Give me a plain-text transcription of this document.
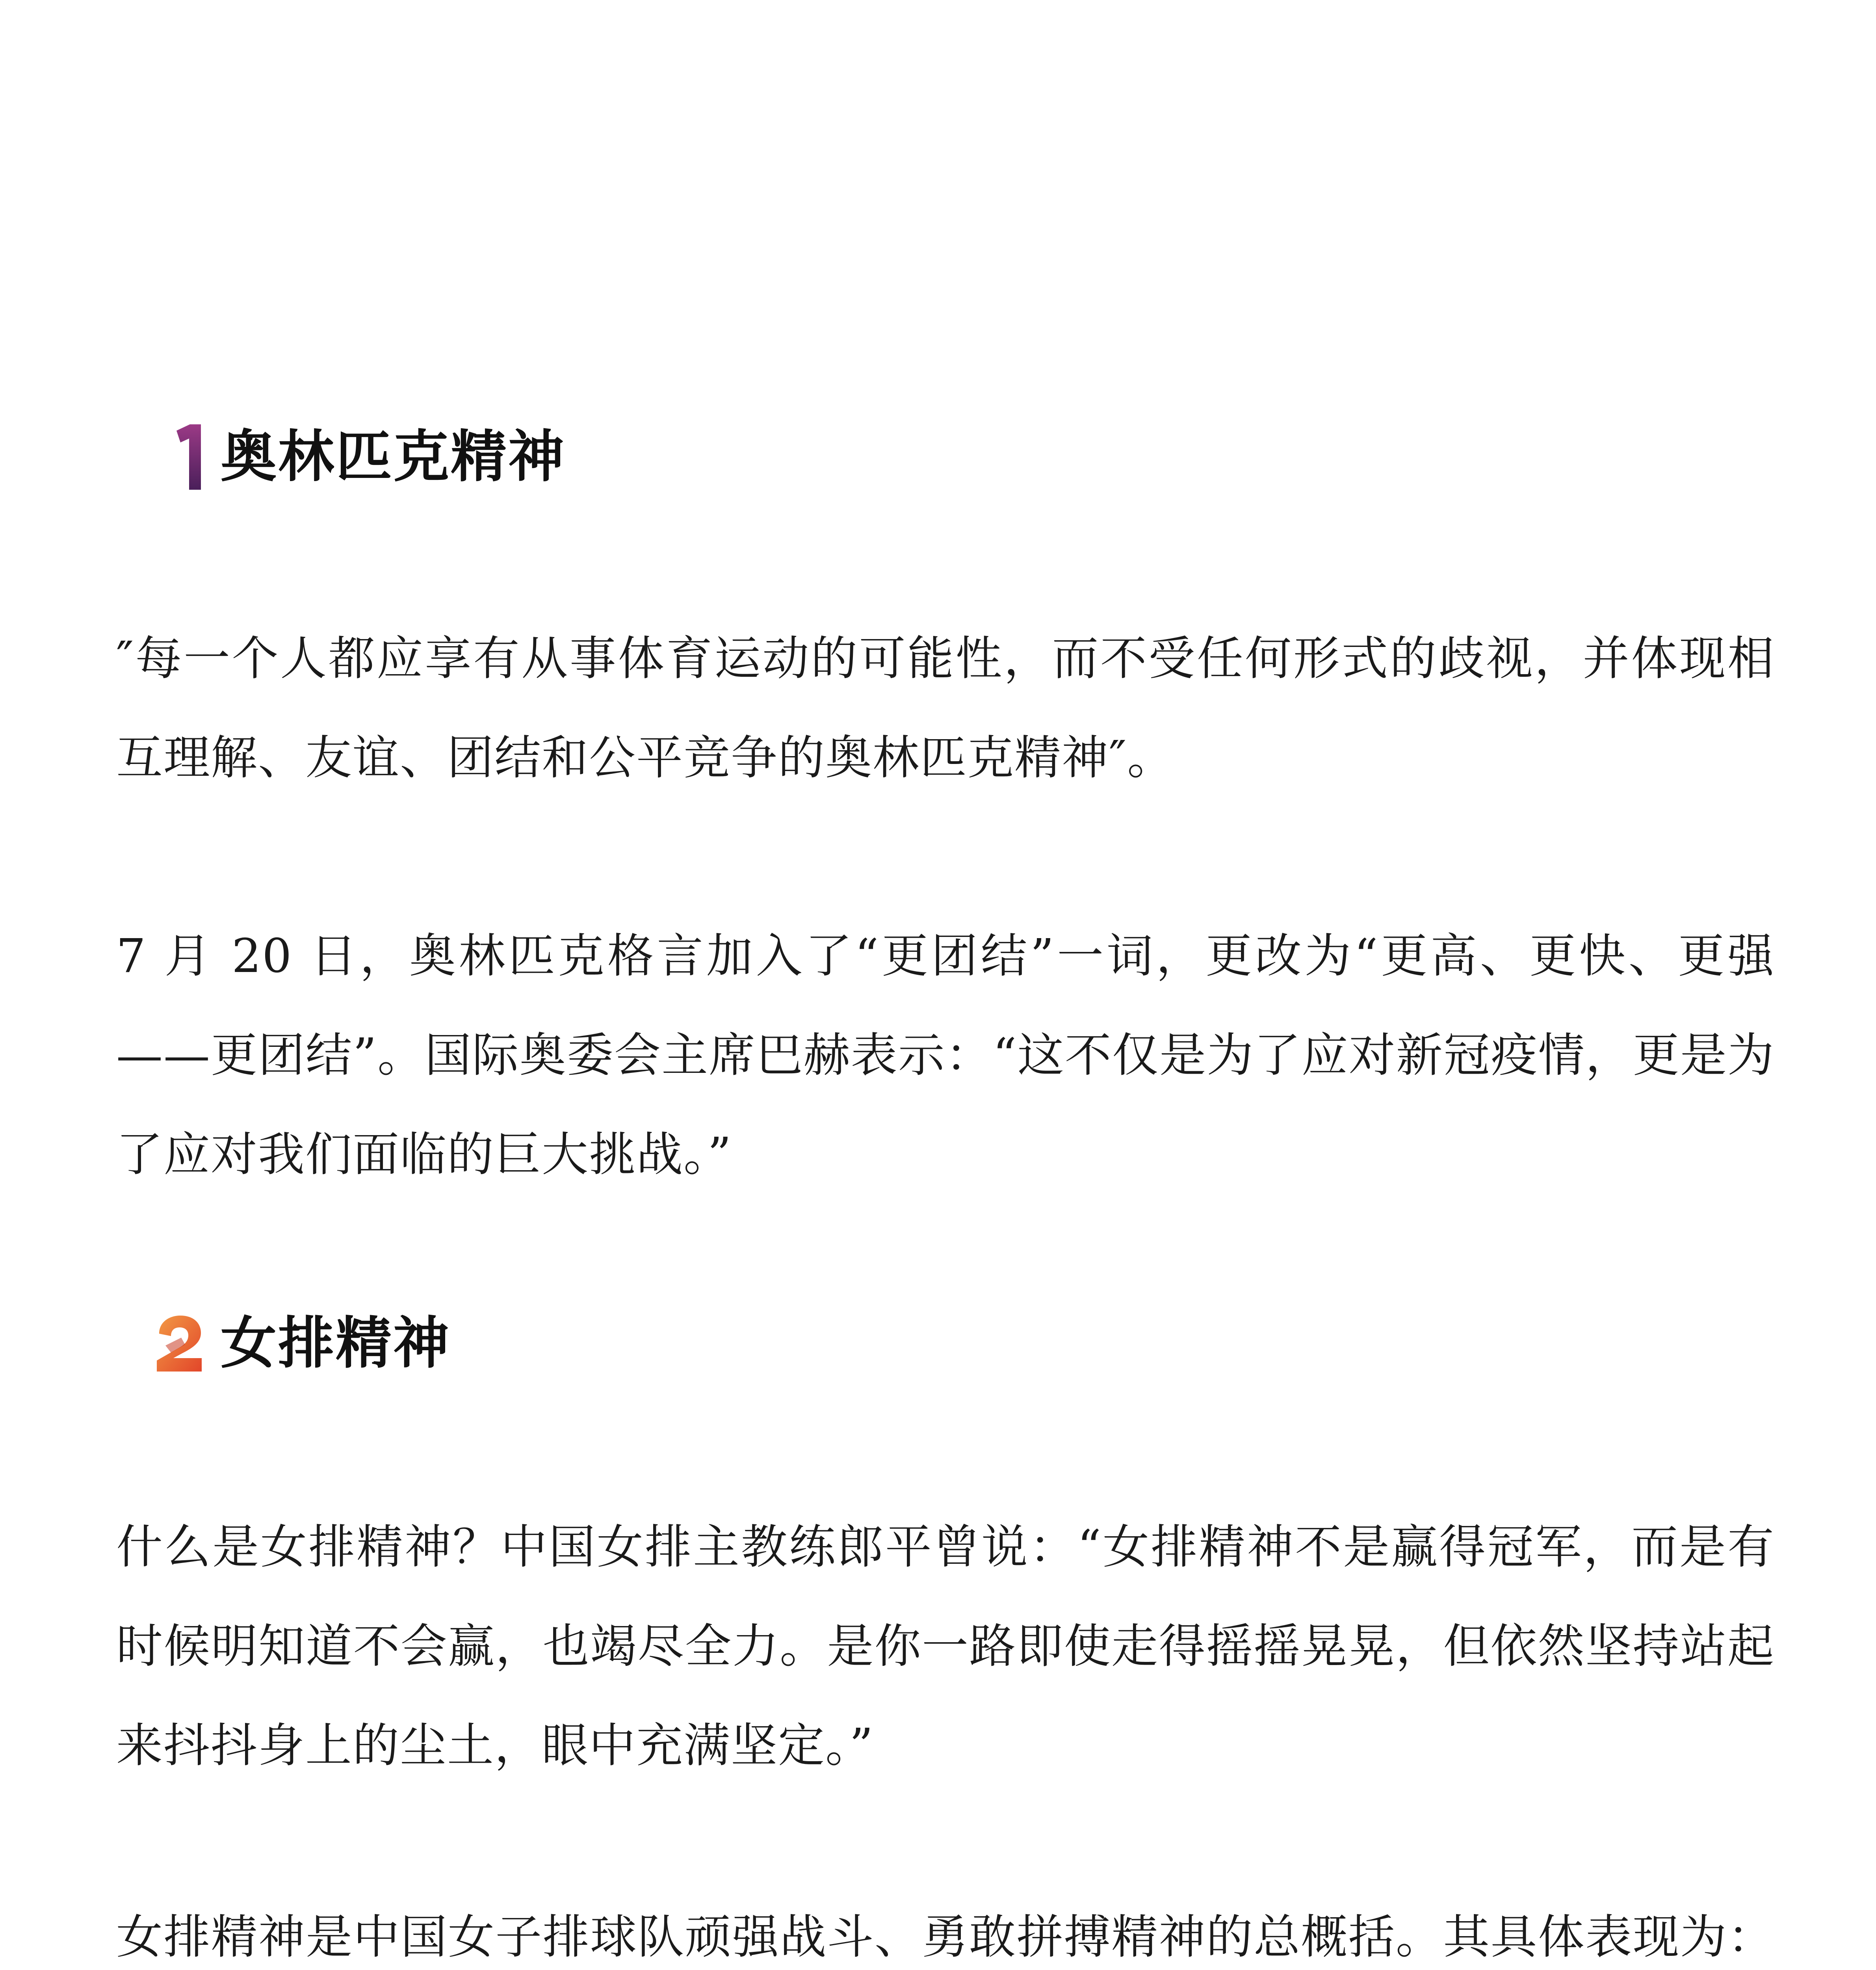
奥林匹克精神

″每一个人都应享有从事体育运动的可能性，而不受任何形式的歧视，并体现相互理解、友谊、团结和公平竞争的奥林匹克精神″。

7 月 20 日，奥林匹克格言加入了“更团结”一词，更改为“更高、更快、更强——更团结”。国际奥委会主席巴赫表示：“这不仅是为了应对新冠疫情，更是为了应对我们面临的巨大挑战。”

女排精神

什么是女排精神？中国女排主教练郎平曾说：“女排精神不是赢得冠军，而是有时候明知道不会赢，也竭尽全力。是你一路即使走得摇摇晃晃，但依然坚持站起来抖抖身上的尘土，眼中充满坚定。”

女排精神是中国女子排球队顽强战斗、勇敢拼搏精神的总概括。其具体表现为：
